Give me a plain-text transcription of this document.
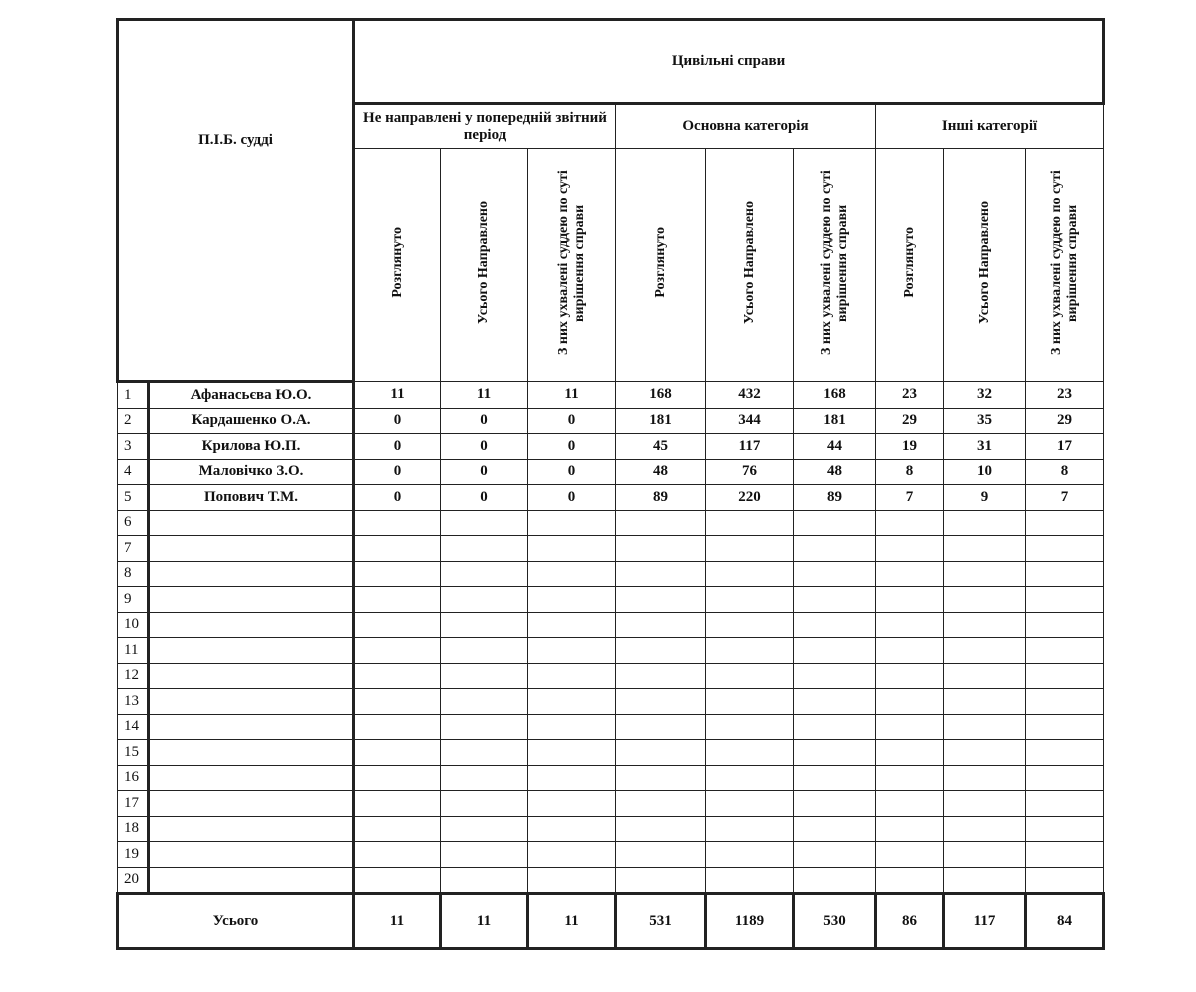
П.І.Б. судді		Цивільні справи								
		Не направлені у попередній звітний період			Основна категорія			Інші категорії		
		Розглянуто	Усього Направлено	З них ухвалені суддею по суті вирішення справи	Розглянуто	Усього Направлено	З них ухвалені суддею по суті вирішення справи	Розглянуто	Усього Направлено	З них ухвалені суддею по суті вирішення справи
1	Афанасьєва Ю.О.	11	11	11	168	432	168	23	32	23
2	Кардашенко О.А.	0	0	0	181	344	181	29	35	29
3	Крилова Ю.П.	0	0	0	45	117	44	19	31	17
4	Маловічко З.О.	0	0	0	48	76	48	8	10	8
5	Попович Т.М.	0	0	0	89	220	89	7	9	7
6										
7										
8										
9										
10										
11										
12										
13										
14										
15										
16										
17										
18										
19										
20										
Усього		11	11	11	531	1189	530	86	117	84
